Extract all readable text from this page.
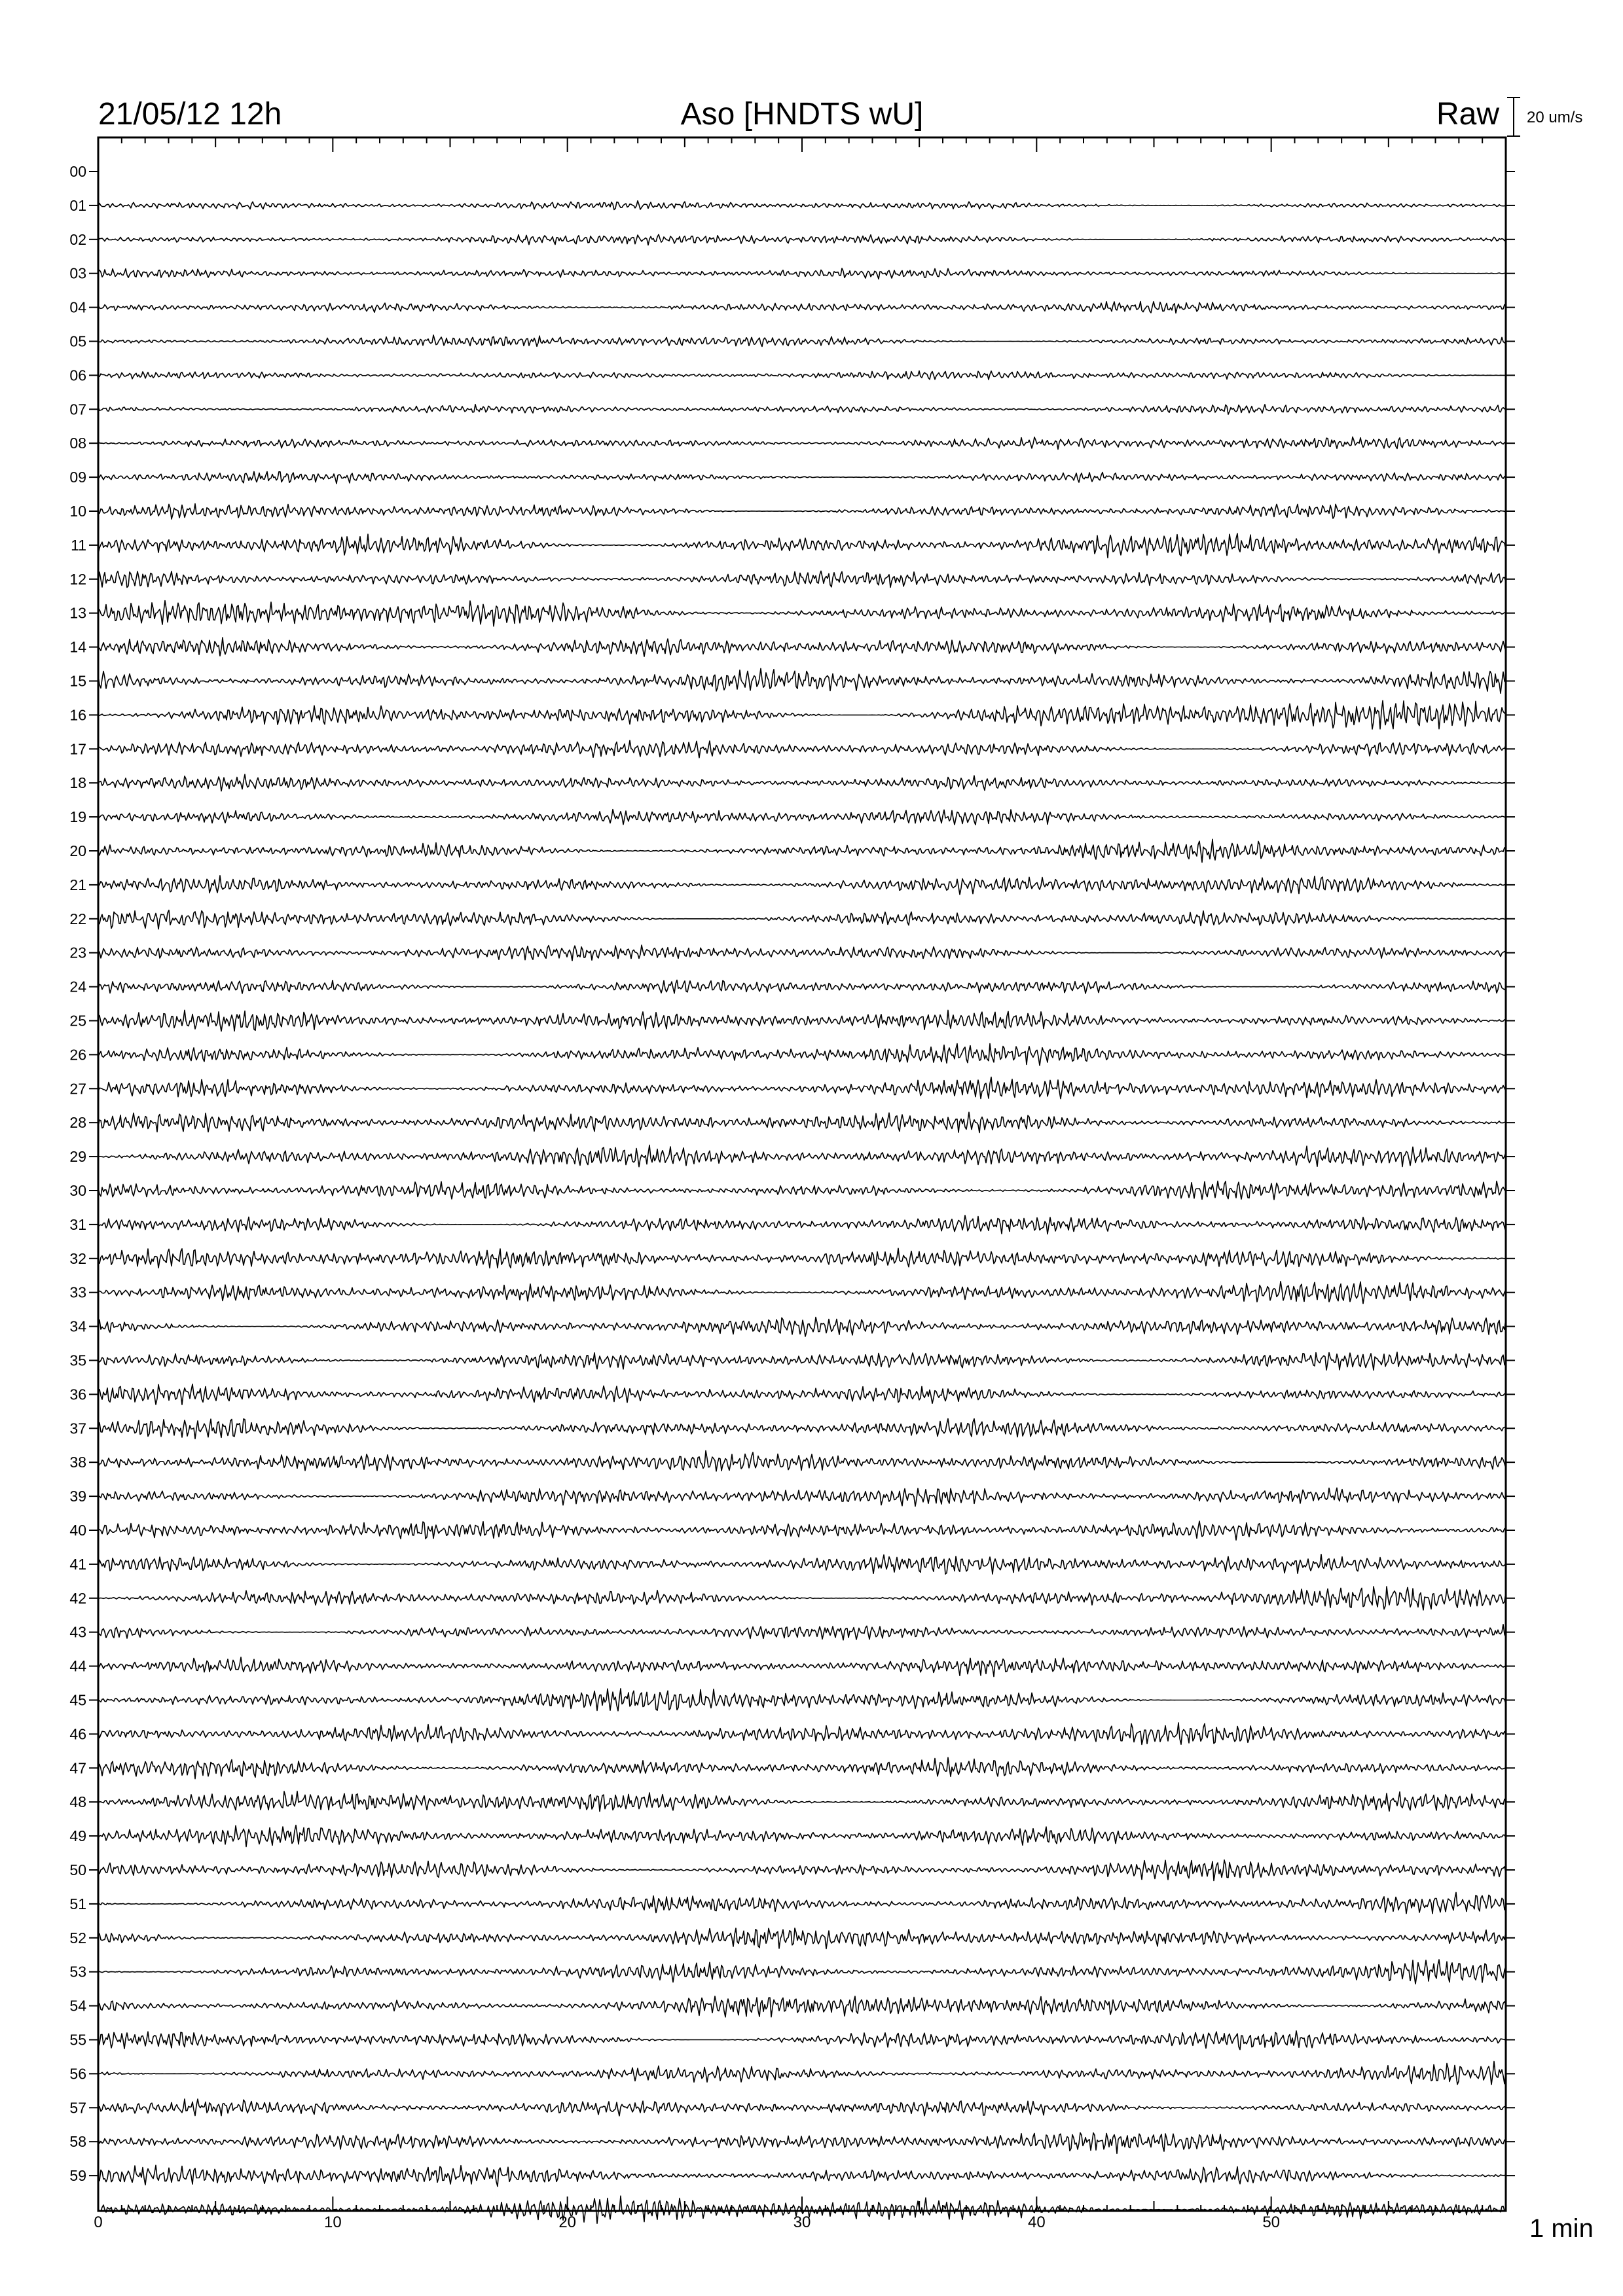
21/05/12 12h	Aso [HNDTS wU]	Raw 20 um/s
00
01
02
03
04
05
06
07
08
09
10
11
12
13
14
15
16
17
18
19
20
21
22
23
24
25
26
27
28
29
30
31
32
33
34
35
36
37
38
39
40
41
42
43
44
45
46
47
48
49
50
51
52
53
54
55
56
57
58
59
0	10	20	30	40	50	1 min
